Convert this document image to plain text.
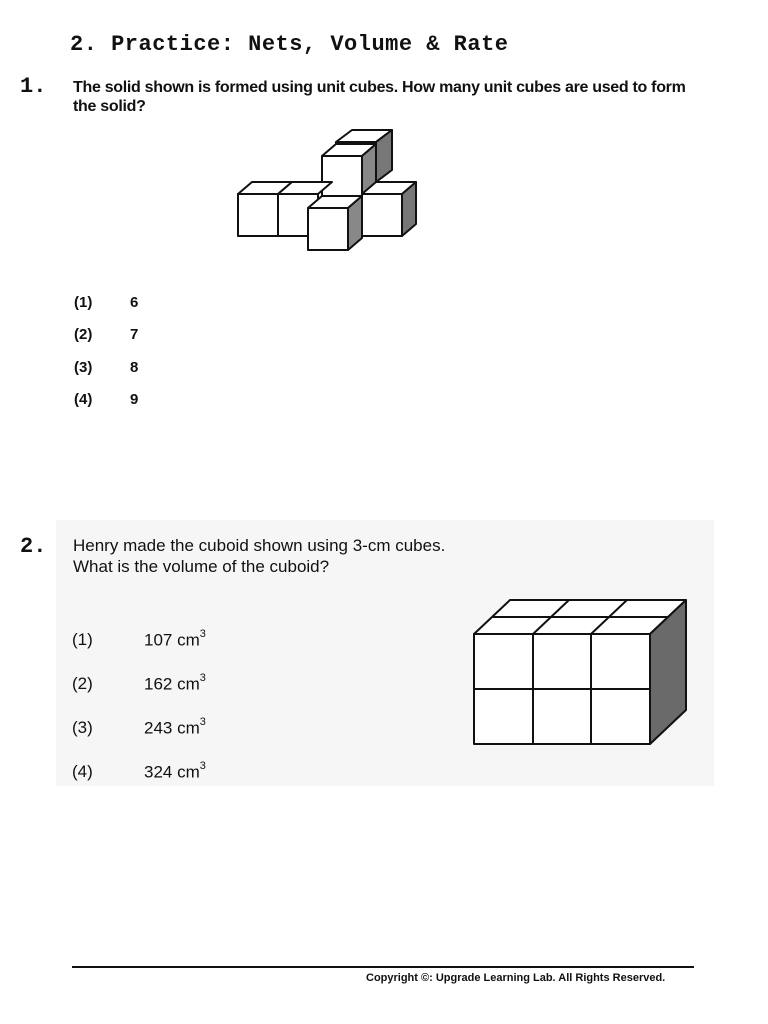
2. Practice: Nets, Volume & Rate
1. The solid shown is formed using unit cubes. How many unit cubes are used to form the solid?
(1)	6
(2)	7
(3)	8
(4)	9
2. Henry made the cuboid shown using 3-cm cubes.
What is the volume of the cuboid?
(1)	107 $cm^3$
(2)	162 $cm^3$
(3)	243 $cm^3$
(4)	324 $cm^3$
Copyright ©: Upgrade Learning Lab. All Rights Reserved.
